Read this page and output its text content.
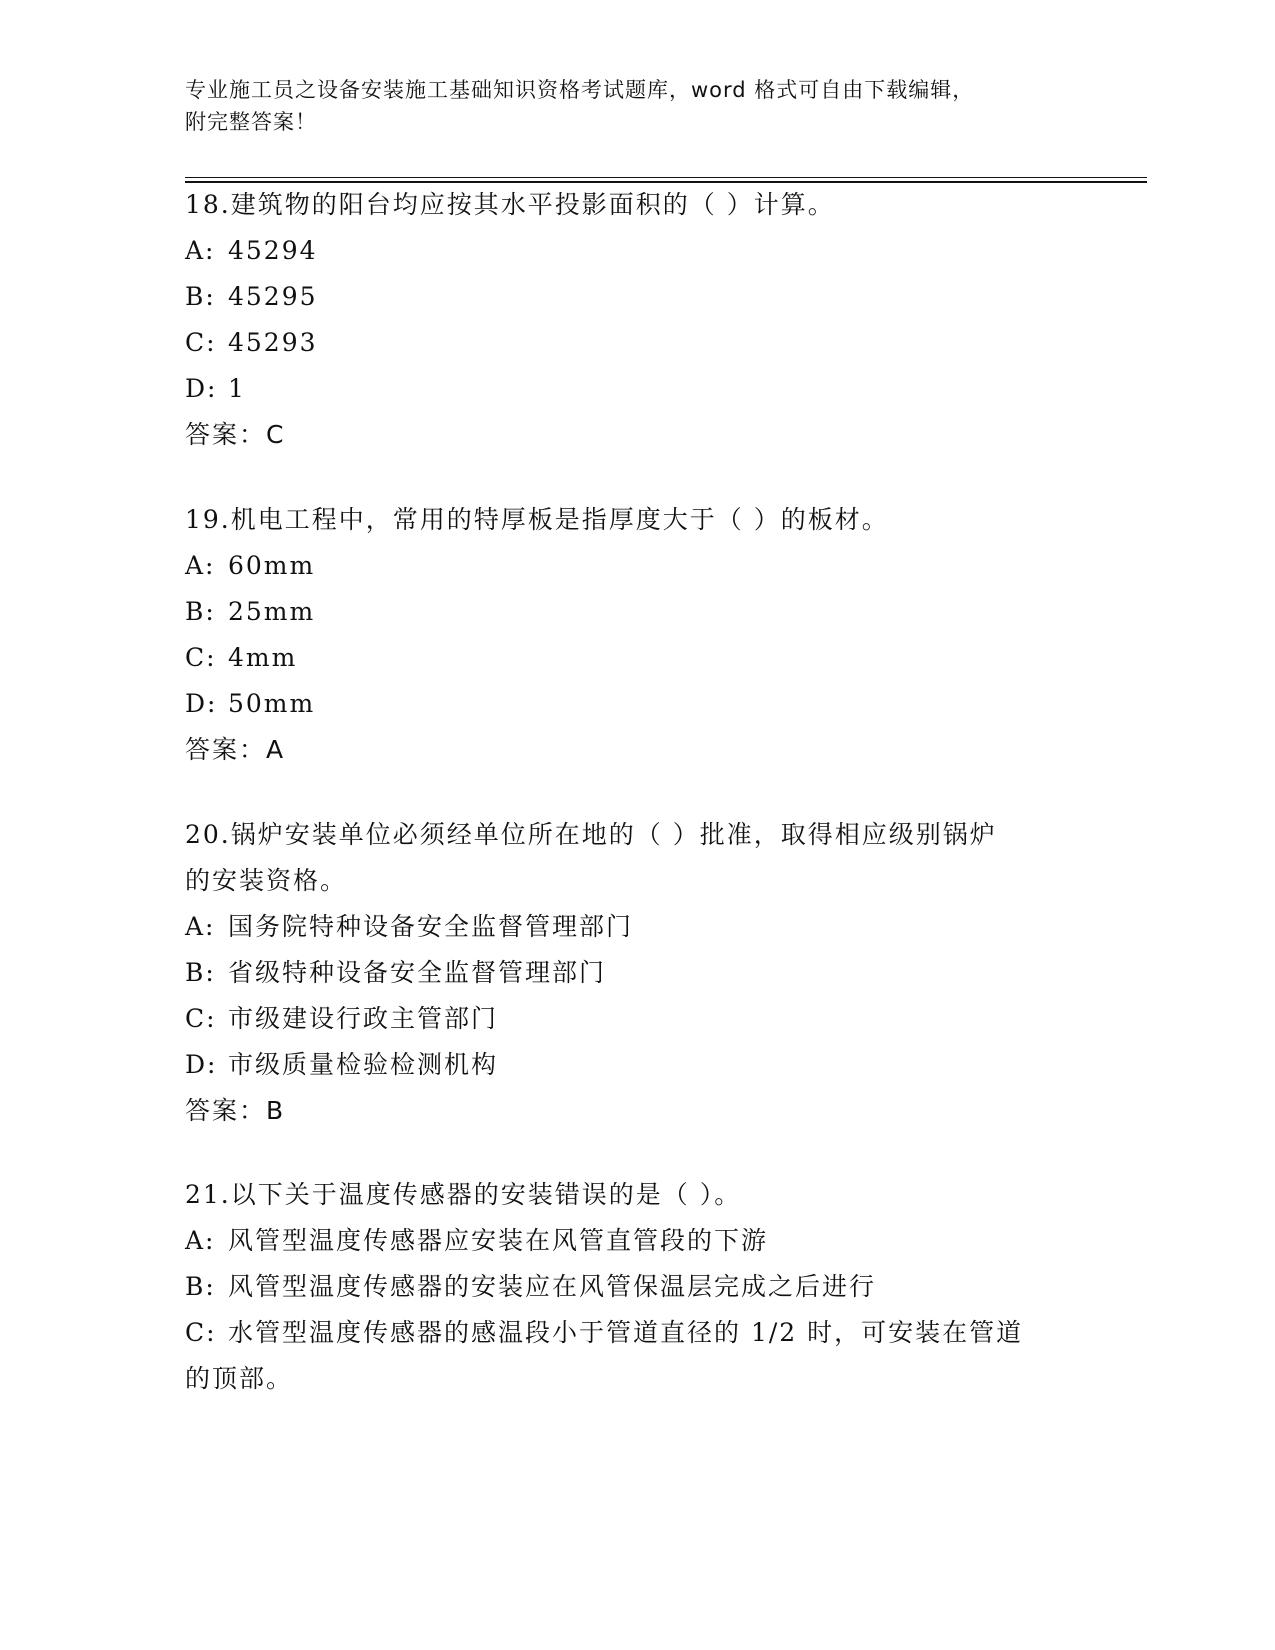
专业施工员之设备安装施工基础知识资格考试题库，word 格式可自由下载编辑，
附完整答案！
18.建筑物的阳台均应按其水平投影面积的（ ）计算。
A: 45294
B: 45295
C: 45293
D: 1
答案：C
19.机电工程中，常用的特厚板是指厚度大于（ ）的板材。
A: 60mm
B: 25mm
C: 4mm
D: 50mm
答案：A
20.锅炉安装单位必须经单位所在地的（ ）批准，取得相应级别锅炉
的安装资格。
A: 国务院特种设备安全监督管理部门
B: 省级特种设备安全监督管理部门
C: 市级建设行政主管部门
D: 市级质量检验检测机构
答案：B
21.以下关于温度传感器的安装错误的是（ ）。
A: 风管型温度传感器应安装在风管直管段的下游
B: 风管型温度传感器的安装应在风管保温层完成之后进行
C: 水管型温度传感器的感温段小于管道直径的 1/2 时，可安装在管道
的顶部。
